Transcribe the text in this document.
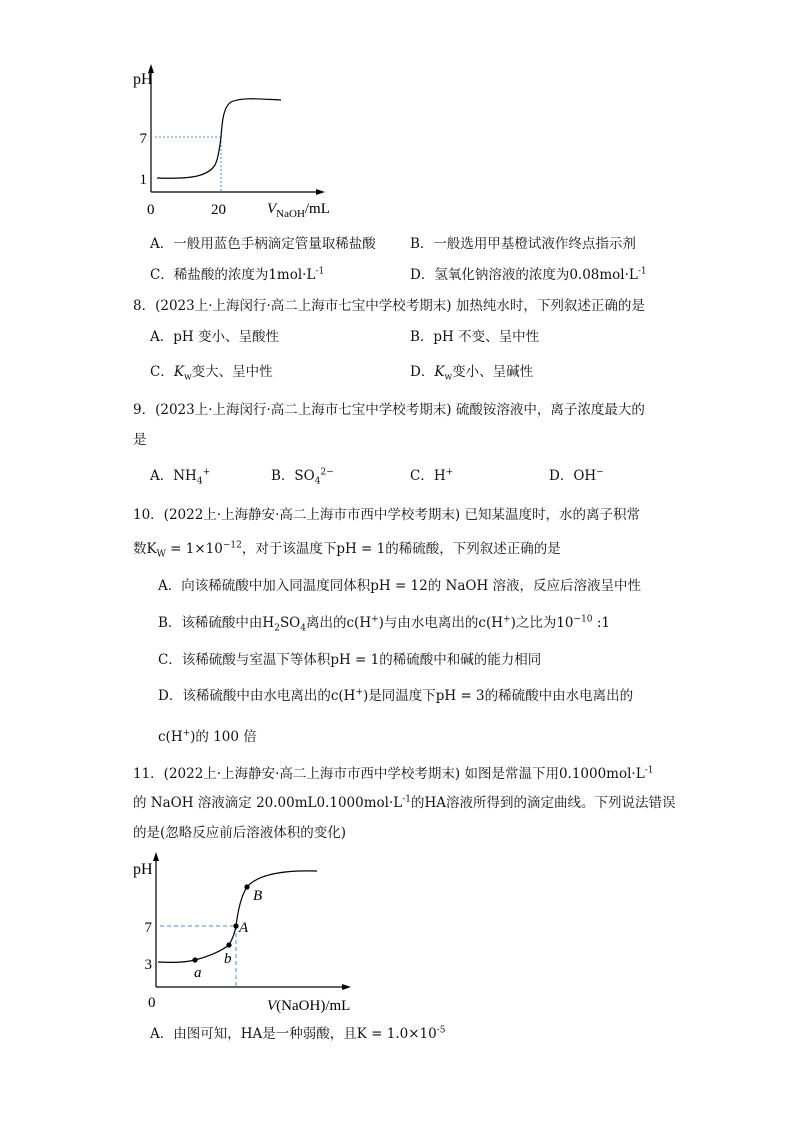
pH
7
1
0	20	$V_{NaOH}/mL$
A．一般用蓝色手柄滴定管量取稀盐酸	B．一般选用甲基橙试液作终点指示剂
C．稀盐酸的浓度为$1mol\cdot L^{-1}$	D．氢氧化钠溶液的浓度为$0.08mol\cdot L^{-1}$
8．(2023上·上海闵行·高二上海市七宝中学校考期末) 加热纯水时，下列叙述正确的是
A．pH 变小、呈酸性	B．pH 不变、呈中性
C．$K_w$变大、呈中性	D．$K_w$变小、呈碱性
9．(2023上·上海闵行·高二上海市七宝中学校考期末) 硫酸铵溶液中，离子浓度最大的
是
A．$NH_4^+$	B．$SO_4^{2-}$	C．H+	D．OH−
10．(2022上·上海静安·高二上海市市西中学校考期末) 已知某温度时，水的离子积常
数$K_W = 1\times 10^{-12}$，对于该温度下pH = 1的稀硫酸，下列叙述正确的是
A．向该稀硫酸中加入同温度同体积pH = 12的 NaOH 溶液，反应后溶液呈中性
B．该稀硫酸中由$H_2SO_4$离出的c(H+)与由水电离出的c(H+)之比为$10^{-10}$ :1
C．该稀硫酸与室温下等体积pH = 1的稀硫酸中和碱的能力相同
D．该稀硫酸中由水电离出的c(H+)是同温度下pH = 3的稀硫酸中由水电离出的
c(H+)的 100 倍
11．(2022上·上海静安·高二上海市市西中学校考期末) 如图是常温下用$0.1000mol\cdot L^{-1}$
的 NaOH 溶液滴定 $20.00mL0.1000mol\cdot L^{-1}$的HA溶液所得到的滴定曲线。下列说法错误
的是(忽略反应前后溶液体积的变化)
pH
7
3
0	V(NaOH)/mL
a
b
A
B
A．由图可知，HA是一种弱酸，且$K = 1.0\times 10^{-5}$
